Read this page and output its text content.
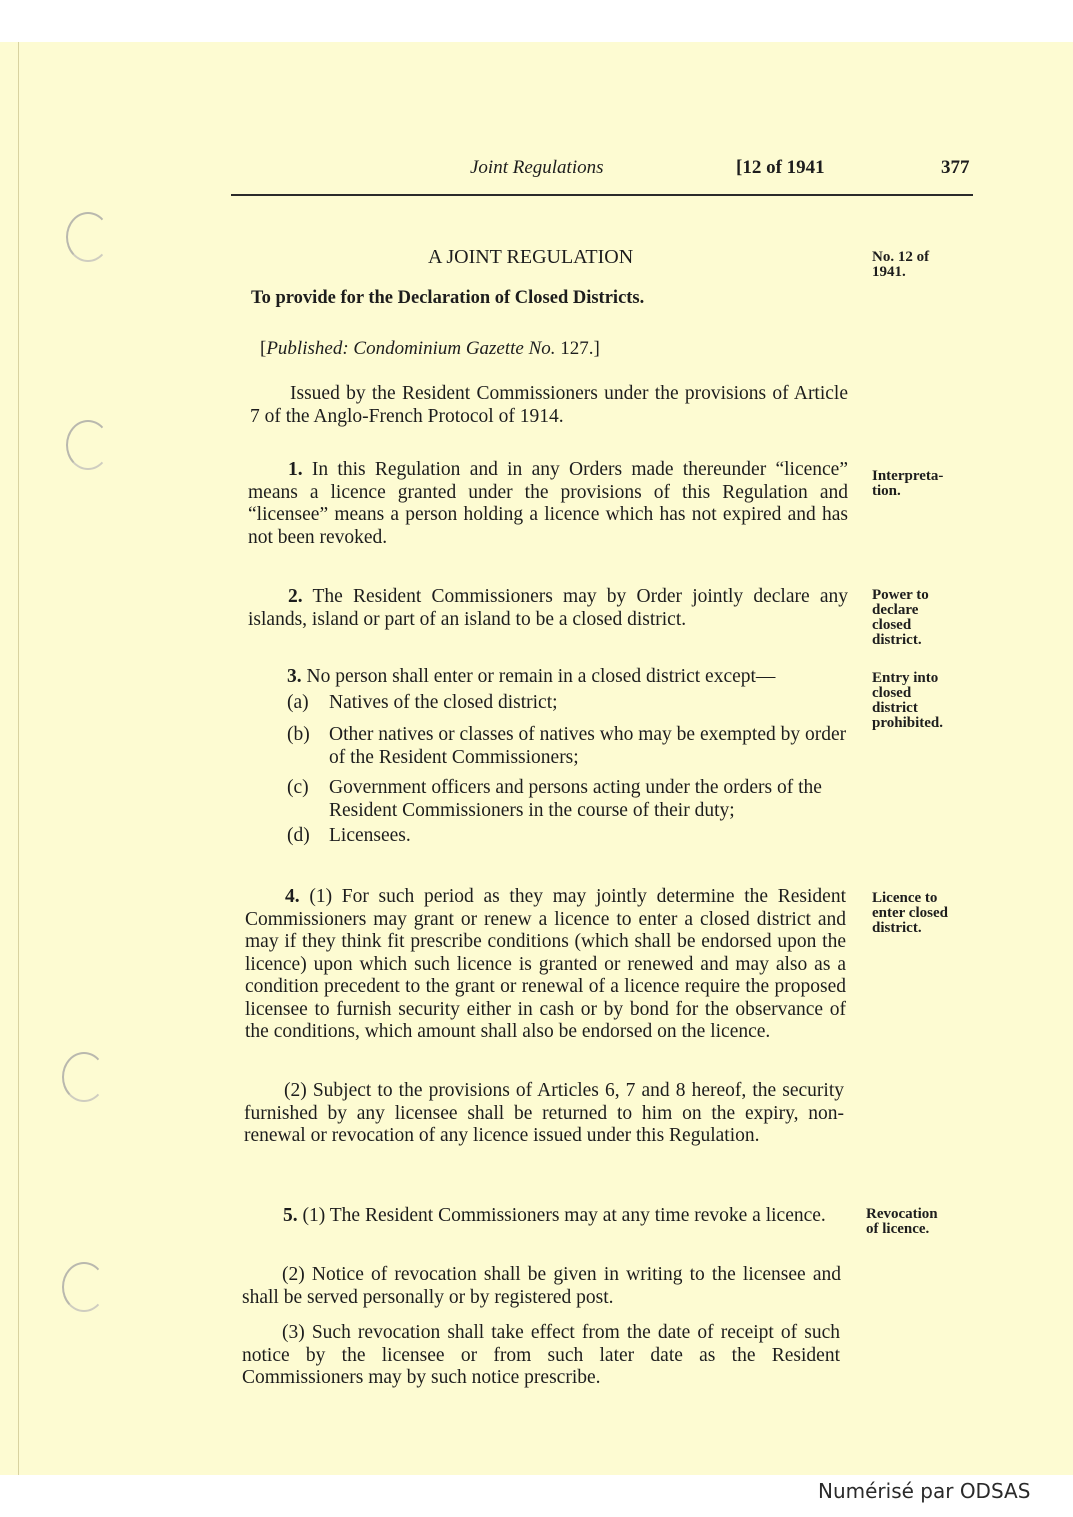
Joint Regulations	[12 of 1941	377
A JOINT REGULATION	No. 12 of
1941.
Interpreta-
tion.
Power to
declare
closed
district.
Entry into
closed
district
prohibited.
Licence to
enter closed
district.
Revocation
of licence.
To provide for the Declaration of Closed Districts.
[Published: Condominium Gazette No. 127.]
Issued by the Resident Commissioners under the provisions of Article 7 of the Anglo-French Protocol of 1914.
1. In this Regulation and in any Orders made thereunder “licence” means a licence granted under the provisions of this Regulation and “licensee” means a person holding a licence which has not expired and has not been revoked.
2. The Resident Commissioners may by Order jointly declare any islands, island or part of an island to be a closed district.
3. No person shall enter or remain in a closed district except—
(a) Natives of the closed district;
(b) Other natives or classes of natives who may be exempted by order of the Resident Commissioners;
(c) Government officers and persons acting under the orders of the Resident Commissioners in the course of their duty;
(d) Licensees.
4. (1) For such period as they may jointly determine the Resident Commissioners may grant or renew a licence to enter a closed district and may if they think fit prescribe conditions (which shall be endorsed upon the licence) upon which such licence is granted or renewed and may also as a condition precedent to the grant or renewal of a licence require the proposed licensee to furnish security either in cash or by bond for the observance of the conditions, which amount shall also be endorsed on the licence.
(2) Subject to the provisions of Articles 6, 7 and 8 hereof, the security furnished by any licensee shall be returned to him on the expiry, non-renewal or revocation of any licence issued under this Regulation.
5. (1) The Resident Commissioners may at any time revoke a licence.
(2) Notice of revocation shall be given in writing to the licensee and shall be served personally or by registered post.
(3) Such revocation shall take effect from the date of receipt of such notice by the licensee or from such later date as the Resident Commissioners may by such notice prescribe.
Numérisé par ODSAS
